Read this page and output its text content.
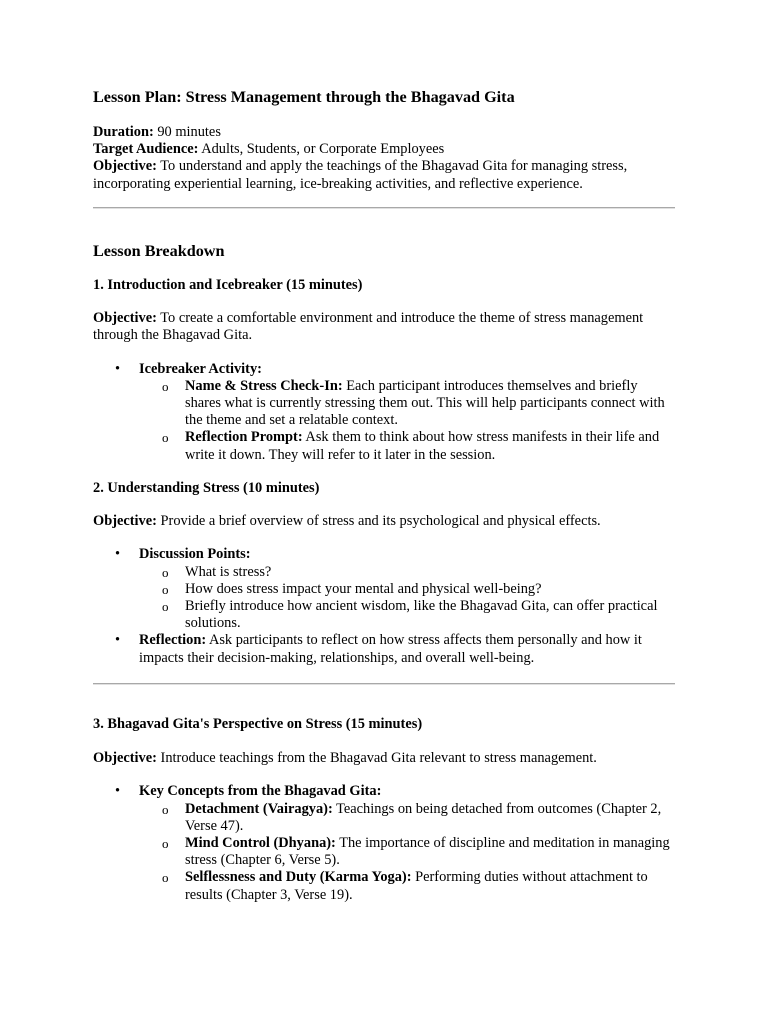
Lesson Plan: Stress Management through the Bhagavad Gita

Duration: 90 minutes

Target Audience: Adults, Students, or Corporate Employees

Objective: To understand and apply the teachings of the Bhagavad Gita for managing stress, incorporating experiential learning, ice-breaking activities, and reflective experience.

Lesson Breakdown

1. Introduction and Icebreaker (15 minutes)

Objective: To create a comfortable environment and introduce the theme of stress management through the Bhagavad Gita.

• Icebreaker Activity:
o Name & Stress Check-In: Each participant introduces themselves and briefly shares what is currently stressing them out. This will help participants connect with the theme and set a relatable context.
o Reflection Prompt: Ask them to think about how stress manifests in their life and write it down. They will refer to it later in the session.

2. Understanding Stress (10 minutes)

Objective: Provide a brief overview of stress and its psychological and physical effects.

• Discussion Points:
o What is stress?
o How does stress impact your mental and physical well-being?
o Briefly introduce how ancient wisdom, like the Bhagavad Gita, can offer practical solutions.
• Reflection: Ask participants to reflect on how stress affects them personally and how it impacts their decision-making, relationships, and overall well-being.

3. Bhagavad Gita's Perspective on Stress (15 minutes)

Objective: Introduce teachings from the Bhagavad Gita relevant to stress management.

• Key Concepts from the Bhagavad Gita:
o Detachment (Vairagya): Teachings on being detached from outcomes (Chapter 2, Verse 47).
o Mind Control (Dhyana): The importance of discipline and meditation in managing stress (Chapter 6, Verse 5).
o Selflessness and Duty (Karma Yoga): Performing duties without attachment to results (Chapter 3, Verse 19).
